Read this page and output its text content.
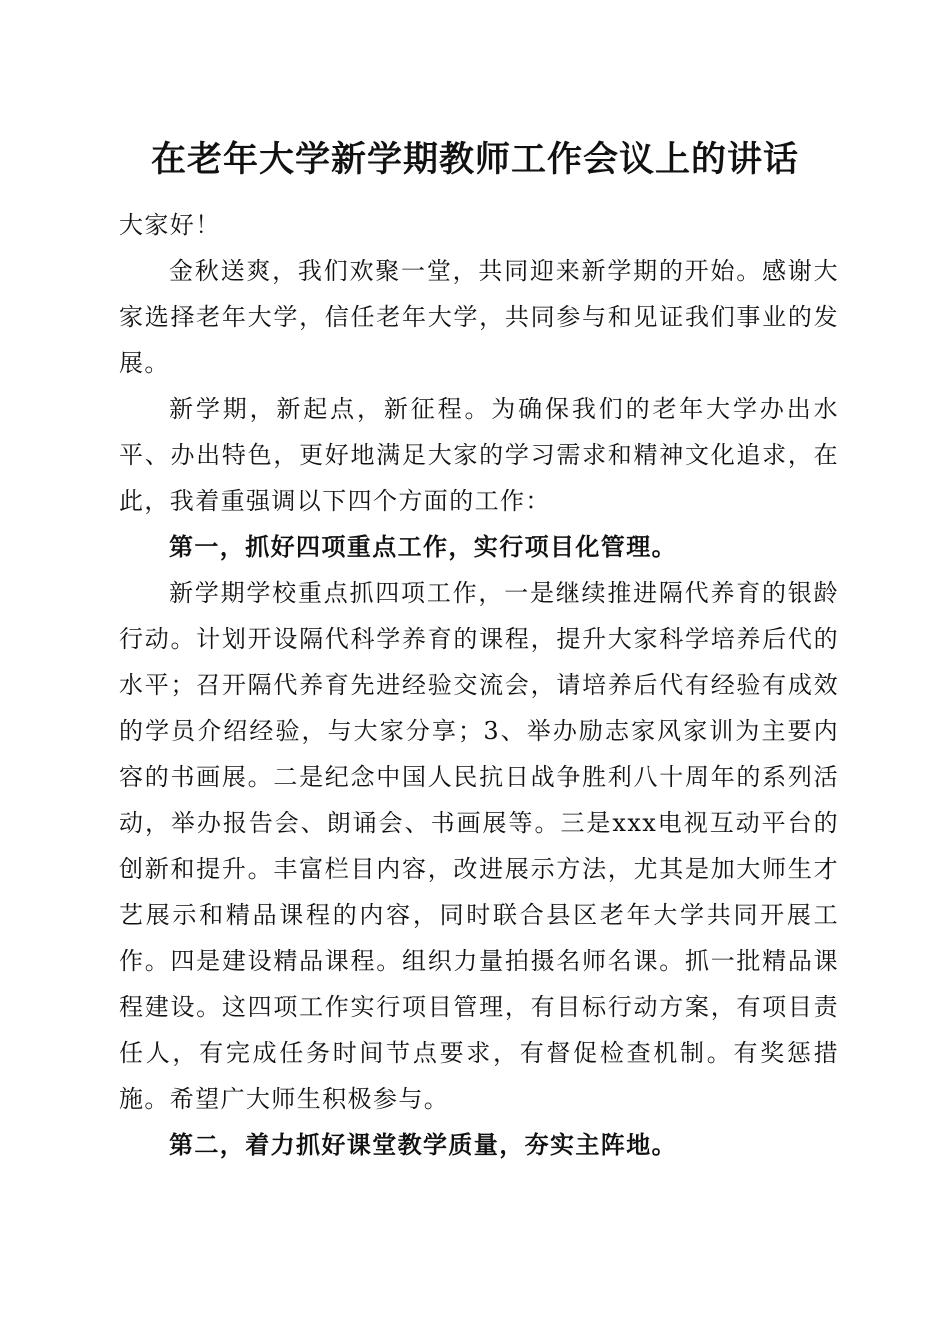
在老年大学新学期教师工作会议上的讲话

大家好！

金秋送爽，我们欢聚一堂，共同迎来新学期的开始。感谢大家选择老年大学，信任老年大学，共同参与和见证我们事业的发展。

新学期，新起点，新征程。为确保我们的老年大学办出水平、办出特色，更好地满足大家的学习需求和精神文化追求，在此，我着重强调以下四个方面的工作：

第一，抓好四项重点工作，实行项目化管理。

新学期学校重点抓四项工作，一是继续推进隔代养育的银龄行动。计划开设隔代科学养育的课程，提升大家科学培养后代的水平；召开隔代养育先进经验交流会，请培养后代有经验有成效的学员介绍经验，与大家分享；3、举办励志家风家训为主要内容的书画展。二是纪念中国人民抗日战争胜利八十周年的系列活动，举办报告会、朗诵会、书画展等。三是xxx电视互动平台的创新和提升。丰富栏目内容，改进展示方法，尤其是加大师生才艺展示和精品课程的内容，同时联合县区老年大学共同开展工作。四是建设精品课程。组织力量拍摄名师名课。抓一批精品课程建设。这四项工作实行项目管理，有目标行动方案，有项目责任人，有完成任务时间节点要求，有督促检查机制。有奖惩措施。希望广大师生积极参与。

第二，着力抓好课堂教学质量，夯实主阵地。
